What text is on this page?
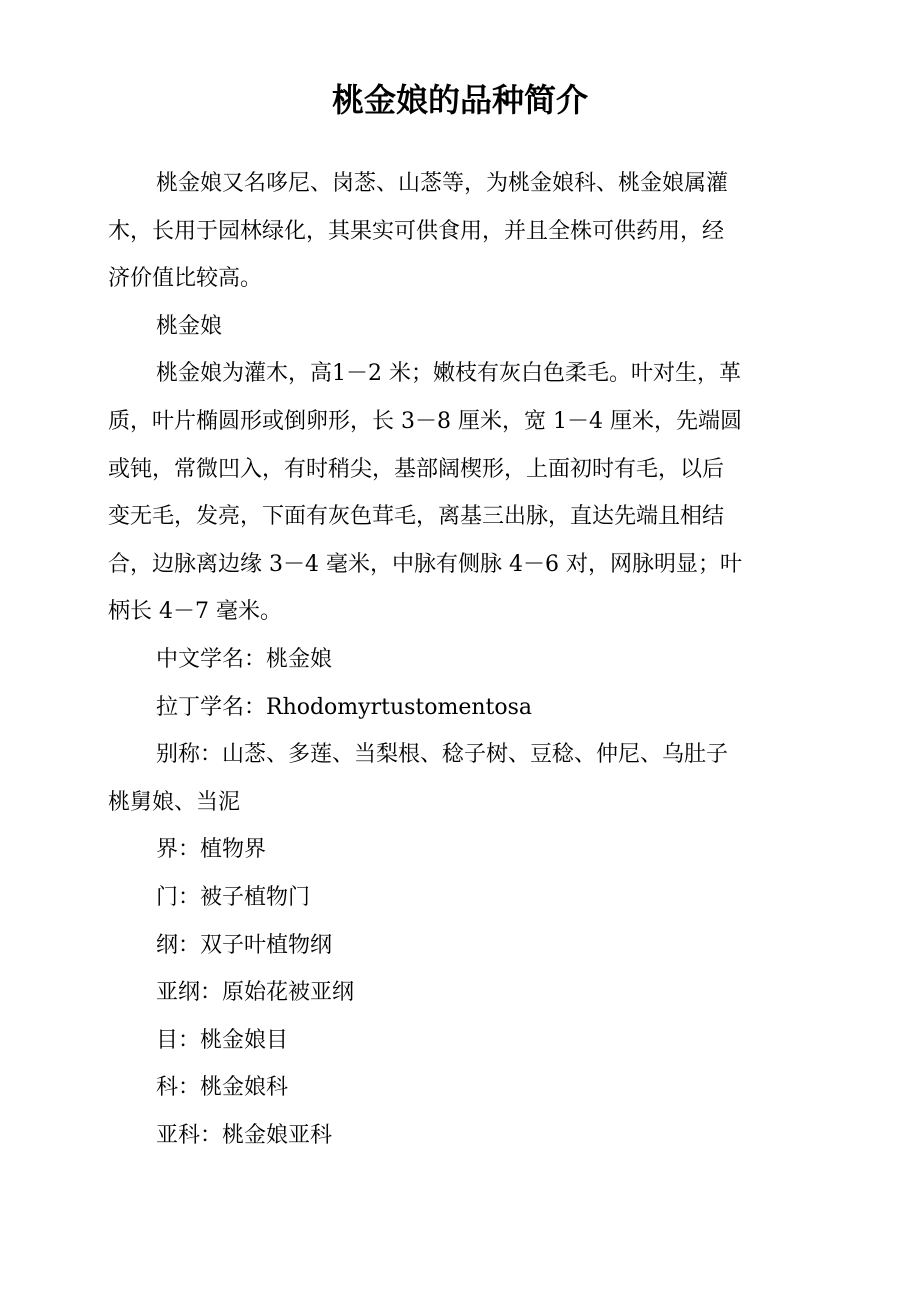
桃金娘的品种简介
桃金娘又名哆尼、岗菍、山菍等，为桃金娘科、桃金娘属灌
木，长用于园林绿化，其果实可供食用，并且全株可供药用，经
济价值比较高。
桃金娘
桃金娘为灌木，高1－2 米；嫩枝有灰白色柔毛。叶对生，革
质，叶片椭圆形或倒卵形，长 3－8 厘米，宽 1－4 厘米，先端圆
或钝，常微凹入，有时稍尖，基部阔楔形，上面初时有毛，以后
变无毛，发亮，下面有灰色茸毛，离基三出脉，直达先端且相结
合，边脉离边缘 3－4 毫米，中脉有侧脉 4－6 对，网脉明显；叶
柄长 4－7 毫米。
中文学名：桃金娘
拉丁学名：Rhodomyrtustomentosa
别称：山菍、多莲、当梨根、稔子树、豆稔、仲尼、乌肚子
桃舅娘、当泥
界：植物界
门：被子植物门
纲：双子叶植物纲
亚纲：原始花被亚纲
目：桃金娘目
科：桃金娘科
亚科：桃金娘亚科
